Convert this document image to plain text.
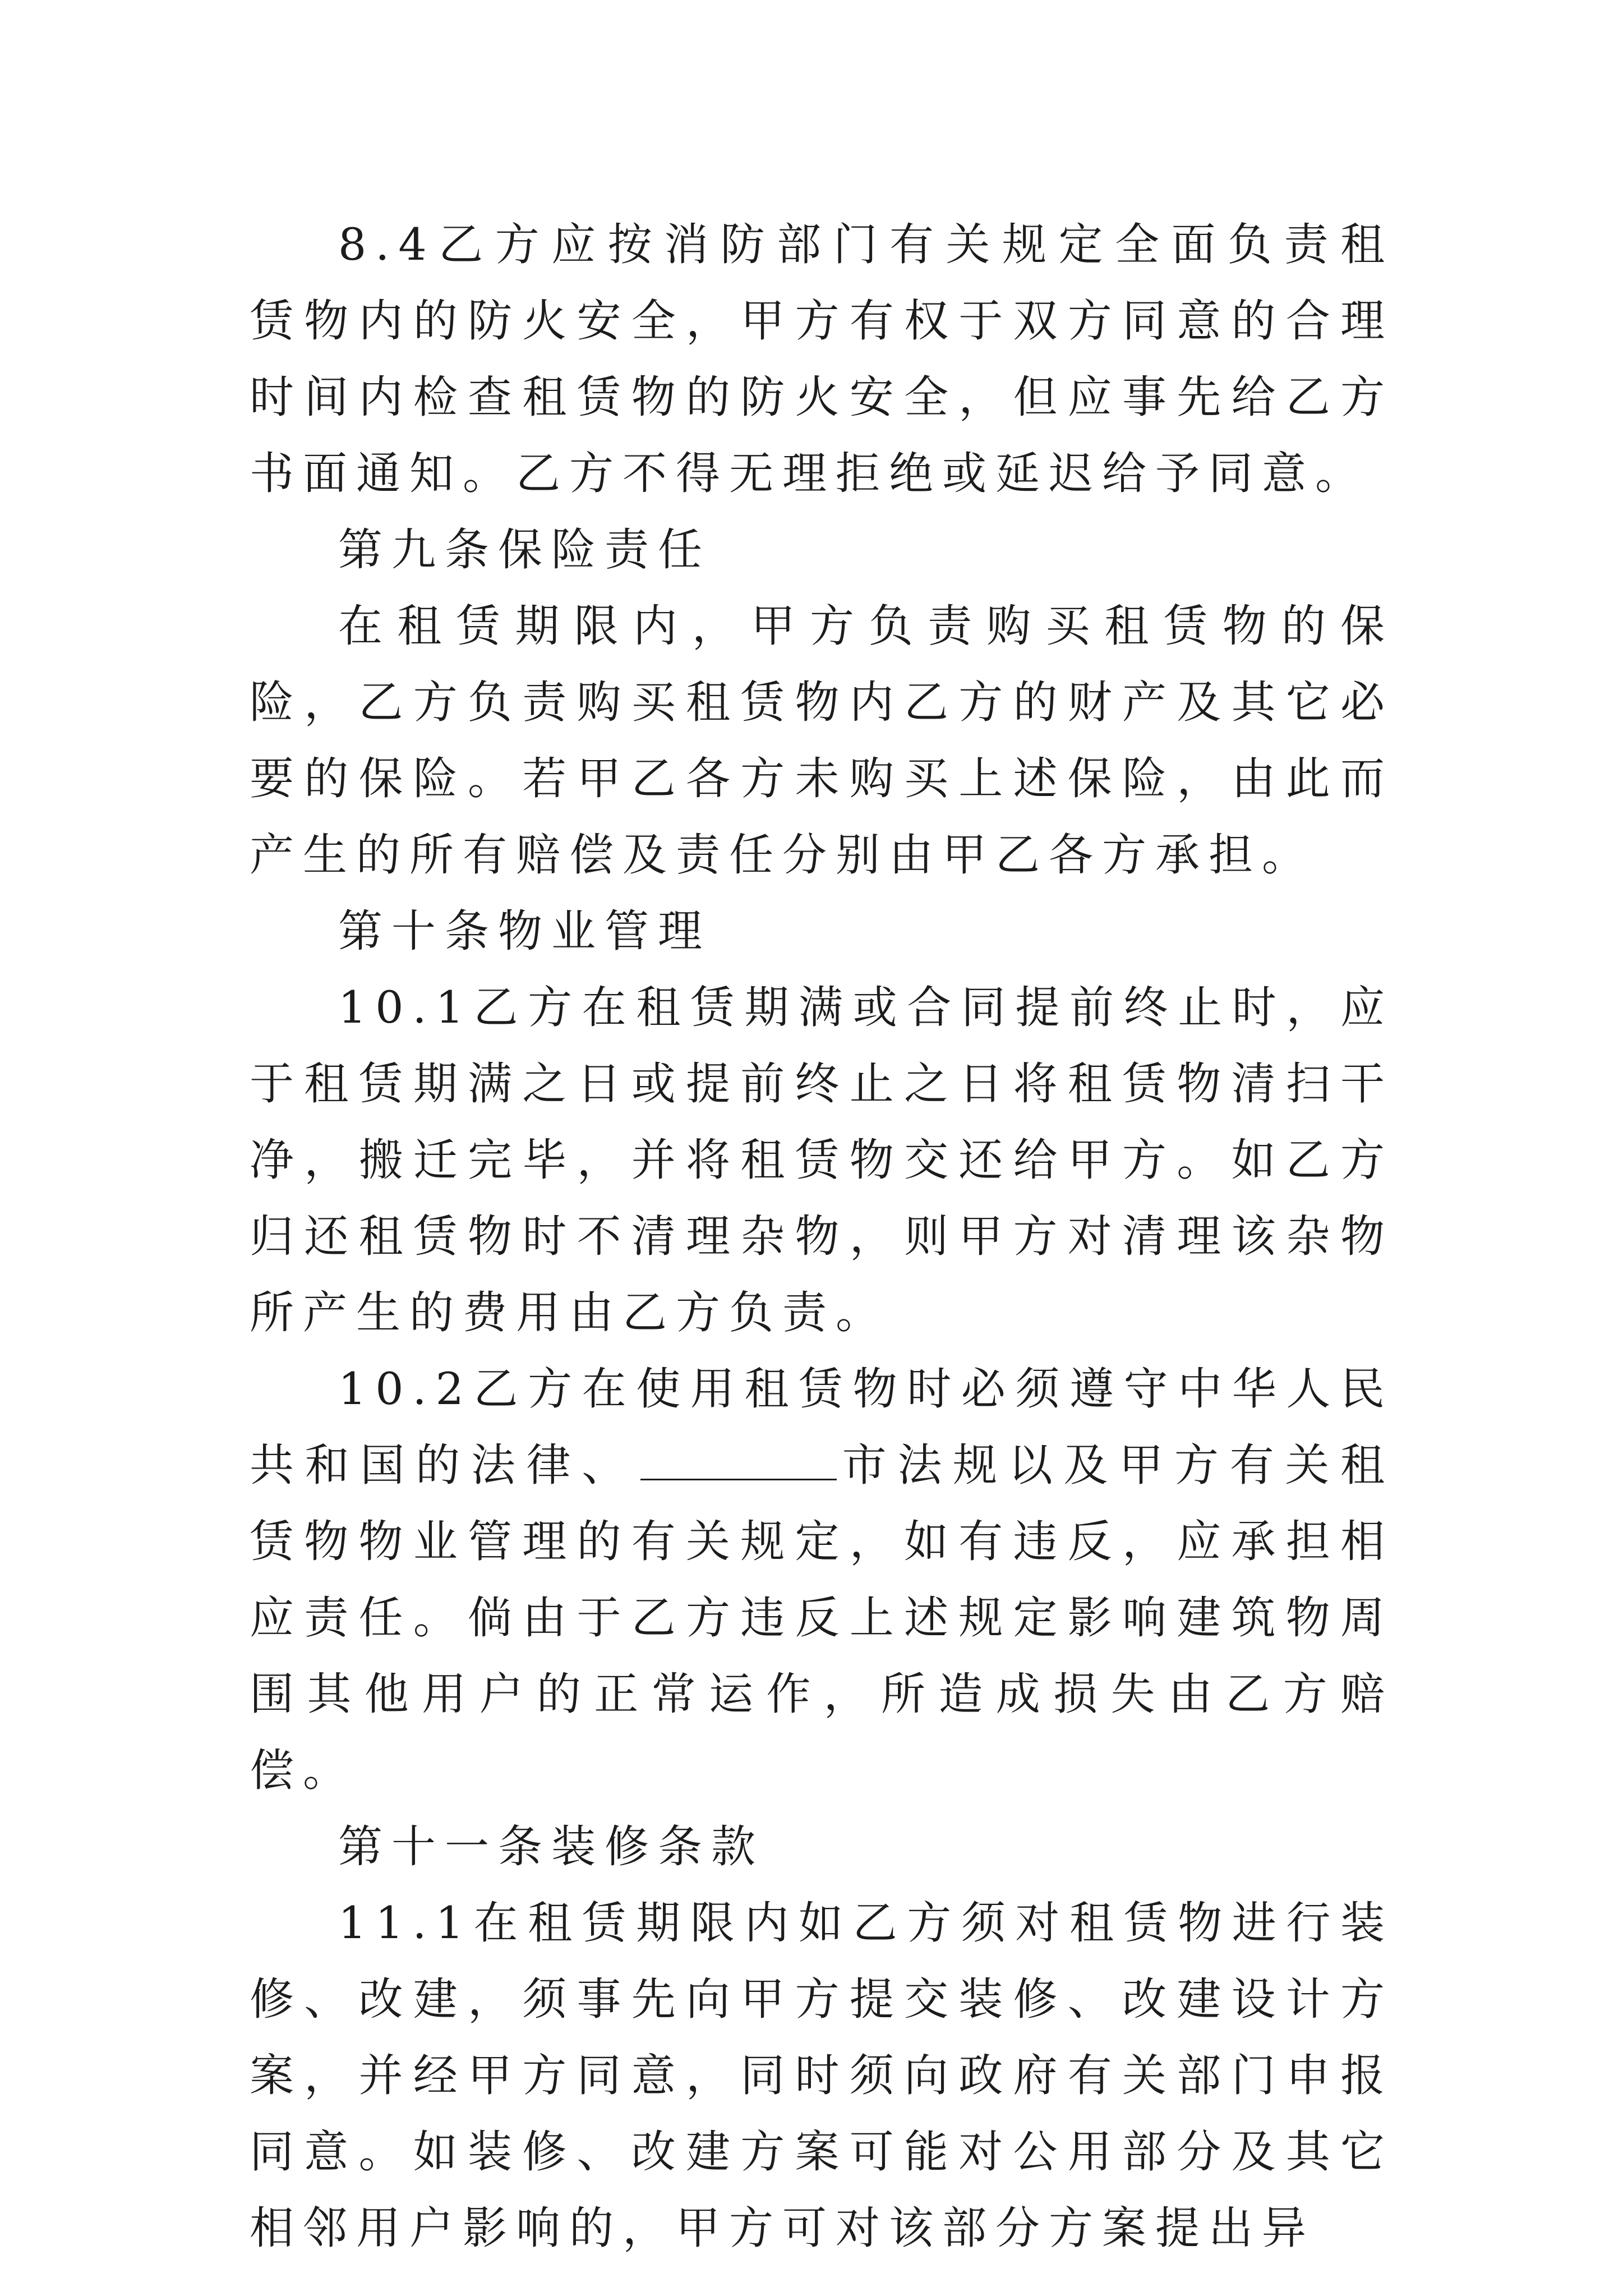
8.4乙方应按消防部门有关规定全面负责租赁物内的防火安全，甲方有权于双方同意的合理时间内检查租赁物的防火安全，但应事先给乙方书面通知。乙方不得无理拒绝或延迟给予同意。

第九条保险责任

在租赁期限内，甲方负责购买租赁物的保险，乙方负责购买租赁物内乙方的财产及其它必要的保险。若甲乙各方未购买上述保险，由此而产生的所有赔偿及责任分别由甲乙各方承担。

第十条物业管理

10.1乙方在租赁期满或合同提前终止时，应于租赁期满之日或提前终止之日将租赁物清扫干净，搬迁完毕，并将租赁物交还给甲方。如乙方归还租赁物时不清理杂物，则甲方对清理该杂物所产生的费用由乙方负责。

10.2乙方在使用租赁物时必须遵守中华人民共和国的法律、	市法规以及甲方有关租赁物物业管理的有关规定，如有违反，应承担相应责任。倘由于乙方违反上述规定影响建筑物周围其他用户的正常运作，所造成损失由乙方赔偿。

第十一条装修条款

11.1在租赁期限内如乙方须对租赁物进行装修、改建，须事先向甲方提交装修、改建设计方案，并经甲方同意，同时须向政府有关部门申报同意。如装修、改建方案可能对公用部分及其它相邻用户影响的，甲方可对该部分方案提出异
